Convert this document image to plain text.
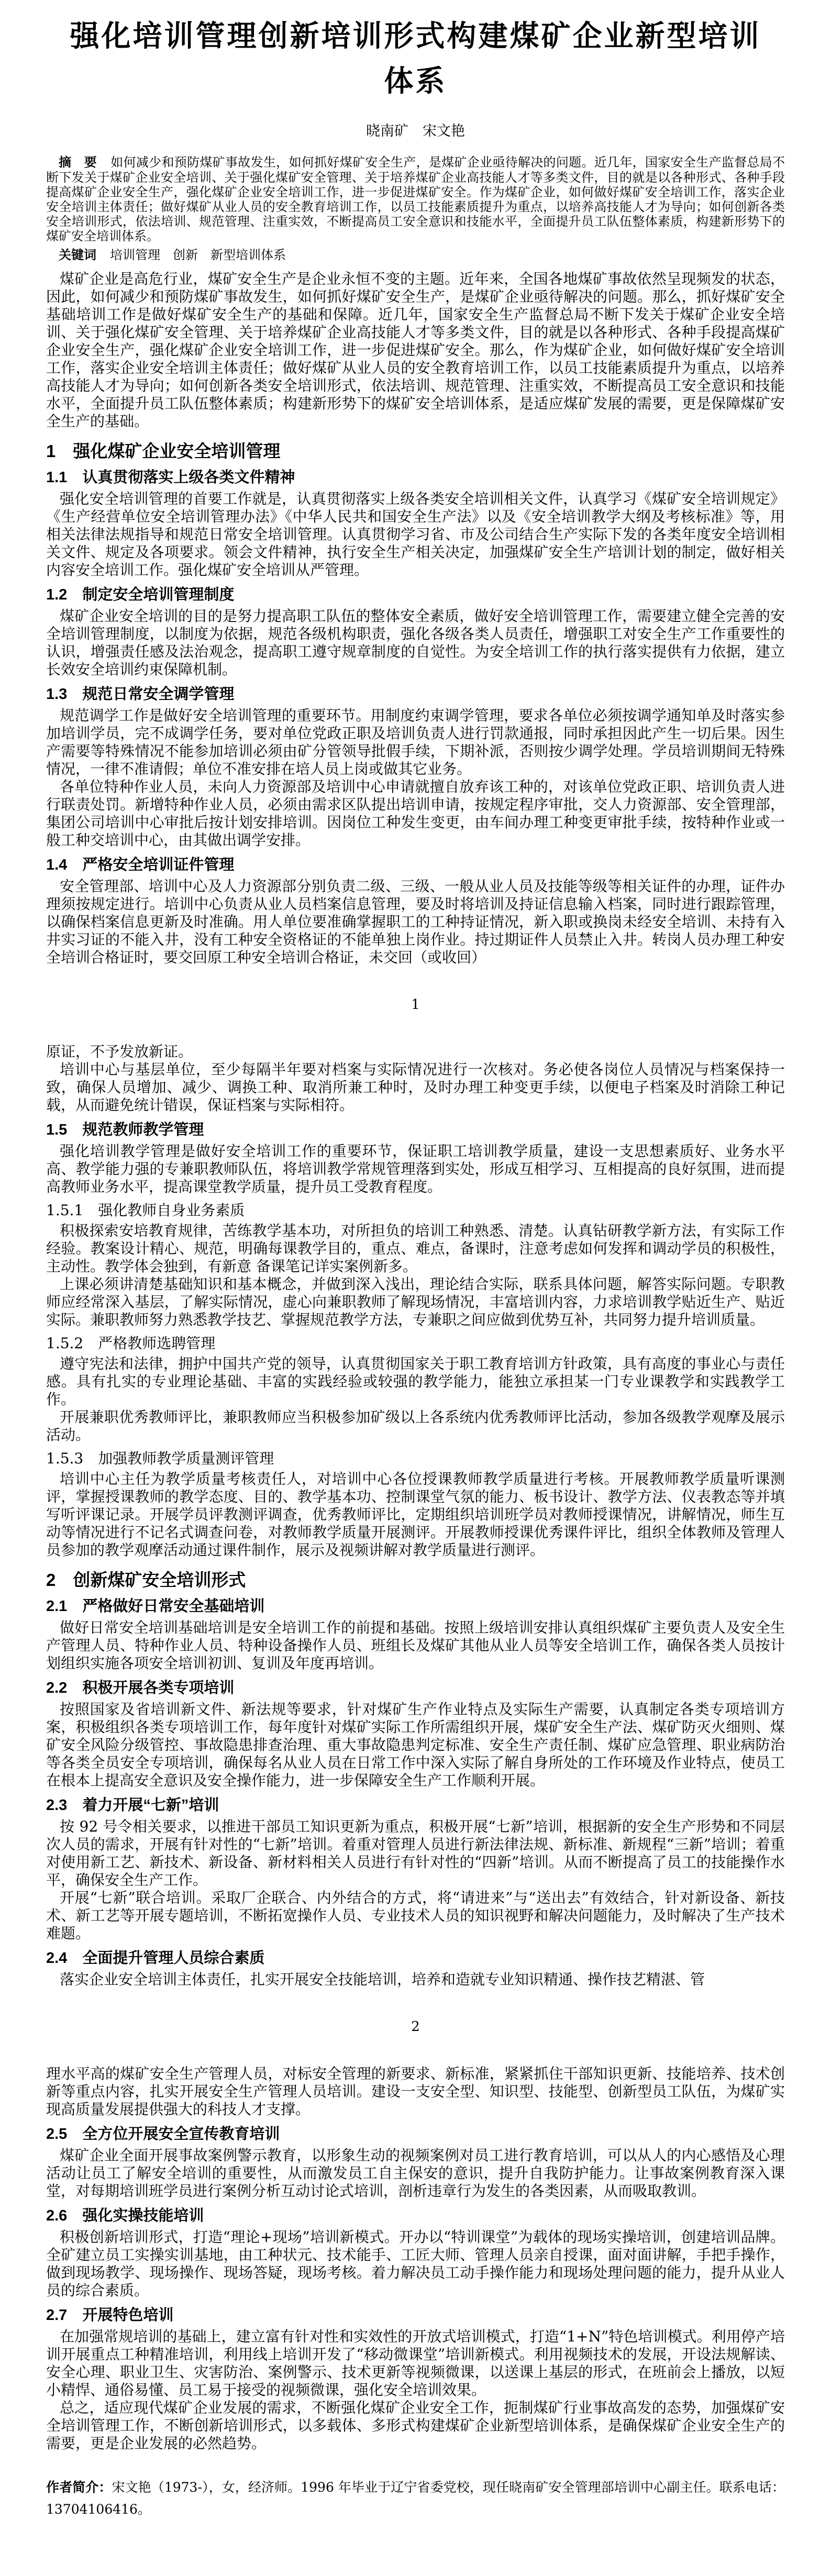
强化培训管理创新培训形式构建煤矿企业新型培训
体系
晓南矿　宋文艳

摘　要 如何减少和预防煤矿事故发生，如何抓好煤矿安全生产，是煤矿企业亟待解决的问题。近几年，国家安全生产监督总局不断下发关于煤矿企业安全培训、关于强化煤矿安全管理、关于培养煤矿企业高技能人才等多类文件，目的就是以各种形式、各种手段提高煤矿企业安全生产，强化煤矿企业安全培训工作，进一步促进煤矿安全。作为煤矿企业，如何做好煤矿安全培训工作，落实企业安全培训主体责任；做好煤矿从业人员的安全教育培训工作，以员工技能素质提升为重点，以培养高技能人才为导向；如何创新各类安全培训形式，依法培训、规范管理、注重实效，不断提高员工安全意识和技能水平，全面提升员工队伍整体素质，构建新形势下的煤矿安全培训体系。

关键词 培训管理　创新　新型培训体系

煤矿企业是高危行业，煤矿安全生产是企业永恒不变的主题。近年来，全国各地煤矿事故依然呈现频发的状态，因此，如何减少和预防煤矿事故发生，如何抓好煤矿安全生产，是煤矿企业亟待解决的问题。那么，抓好煤矿安全基础培训工作是做好煤矿安全生产的基础和保障。近几年，国家安全生产监督总局不断下发关于煤矿企业安全培训、关于强化煤矿安全管理、关于培养煤矿企业高技能人才等多类文件，目的就是以各种形式、各种手段提高煤矿企业安全生产，强化煤矿企业安全培训工作，进一步促进煤矿安全。那么，作为煤矿企业，如何做好煤矿安全培训工作，落实企业安全培训主体责任；做好煤矿从业人员的安全教育培训工作，以员工技能素质提升为重点，以培养高技能人才为导向；如何创新各类安全培训形式，依法培训、规范管理、注重实效，不断提高员工安全意识和技能水平，全面提升员工队伍整体素质；构建新形势下的煤矿安全培训体系，是适应煤矿发展的需要，更是保障煤矿安全生产的基础。

1　强化煤矿企业安全培训管理
1.1　认真贯彻落实上级各类文件精神

强化安全培训管理的首要工作就是，认真贯彻落实上级各类安全培训相关文件，认真学习《煤矿安全培训规定》《生产经营单位安全培训管理办法》《中华人民共和国安全生产法》以及《安全培训教学大纲及考核标准》等，用相关法律法规指导和规范日常安全培训管理。认真贯彻学习省、市及公司结合生产实际下发的各类年度安全培训相关文件、规定及各项要求。领会文件精神，执行安全生产相关决定，加强煤矿安全生产培训计划的制定，做好相关内容安全培训工作。强化煤矿安全培训从严管理。

1.2　制定安全培训管理制度

煤矿企业安全培训的目的是努力提高职工队伍的整体安全素质，做好安全培训管理工作，需要建立健全完善的安全培训管理制度，以制度为依据，规范各级机构职责，强化各级各类人员责任，增强职工对安全生产工作重要性的认识，增强责任感及法治观念，提高职工遵守规章制度的自觉性。为安全培训工作的执行落实提供有力依据，建立长效安全培训约束保障机制。

1.3　规范日常安全调学管理

规范调学工作是做好安全培训管理的重要环节。用制度约束调学管理，要求各单位必须按调学通知单及时落实参加培训学员，完不成调学任务，要对单位党政正职及培训负责人进行罚款通报，同时承担因此产生一切后果。因生产需要等特殊情况不能参加培训必须由矿分管领导批假手续，下期补派，否则按少调学处理。学员培训期间无特殊情况，一律不准请假；单位不准安排在培人员上岗或做其它业务。

各单位特种作业人员，未向人力资源部及培训中心申请就擅自放弃该工种的，对该单位党政正职、培训负责人进行联责处罚。新增特种作业人员，必须由需求区队提出培训申请，按规定程序审批，交人力资源部、安全管理部，集团公司培训中心审批后按计划安排培训。因岗位工种发生变更，由车间办理工种变更审批手续，按特种作业或一般工种交培训中心，由其做出调学安排。

1.4　严格安全培训证件管理

安全管理部、培训中心及人力资源部分别负责二级、三级、一般从业人员及技能等级等相关证件的办理，证件办理须按规定进行。培训中心负责从业人员档案信息管理，要及时将培训及持证信息输入档案，同时进行跟踪管理，以确保档案信息更新及时准确。用人单位要准确掌握职工的工种持证情况，新入职或换岗未经安全培训、未持有入井实习证的不能入井，没有工种安全资格证的不能单独上岗作业。持过期证件人员禁止入井。转岗人员办理工种安全培训合格证时，要交回原工种安全培训合格证，未交回（或收回）

1

原证，不予发放新证。

培训中心与基层单位，至少每隔半年要对档案与实际情况进行一次核对。务必使各岗位人员情况与档案保持一致，确保人员增加、减少、调换工种、取消所兼工种时，及时办理工种变更手续，以便电子档案及时消除工种记载，从而避免统计错误，保证档案与实际相符。

1.5　规范教师教学管理

强化培训教学管理是做好安全培训工作的重要环节，保证职工培训教学质量，建设一支思想素质好、业务水平高、教学能力强的专兼职教师队伍，将培训教学常规管理落到实处，形成互相学习、互相提高的良好氛围，进而提高教师业务水平，提高课堂教学质量，提升员工受教育程度。

1.5.1　强化教师自身业务素质

积极探索安培教育规律，苦练教学基本功，对所担负的培训工种熟悉、清楚。认真钻研教学新方法，有实际工作经验。教案设计精心、规范，明确每课教学目的，重点、难点，备课时，注意考虑如何发挥和调动学员的积极性，主动性。教学体会独到，有新意 备课笔记详实案例新多。

上课必须讲清楚基础知识和基本概念，并做到深入浅出，理论结合实际，联系具体问题，解答实际问题。专职教师应经常深入基层，了解实际情况，虚心向兼职教师了解现场情况，丰富培训内容，力求培训教学贴近生产、贴近实际。兼职教师努力熟悉教学技艺、掌握规范教学方法，专兼职之间应做到优势互补，共同努力提升培训质量。

1.5.2　严格教师选聘管理

遵守宪法和法律，拥护中国共产党的领导，认真贯彻国家关于职工教育培训方针政策，具有高度的事业心与责任感。具有扎实的专业理论基础、丰富的实践经验或较强的教学能力，能独立承担某一门专业课教学和实践教学工作。

开展兼职优秀教师评比，兼职教师应当积极参加矿级以上各系统内优秀教师评比活动，参加各级教学观摩及展示活动。

1.5.3　加强教师教学质量测评管理

培训中心主任为教学质量考核责任人，对培训中心各位授课教师教学质量进行考核。开展教师教学质量听课测评，掌握授课教师的教学态度、目的、教学基本功、控制课堂气氛的能力、板书设计、教学方法、仪表教态等并填写听评课记录。开展学员评教测评调查，优秀教师评比，定期组织培训班学员对教师授课情况，讲解情况，师生互动等情况进行不记名式调查问卷，对教师教学质量开展测评。开展教师授课优秀课件评比，组织全体教师及管理人员参加的教学观摩活动通过课件制作，展示及视频讲解对教学质量进行测评。

2　创新煤矿安全培训形式
2.1　严格做好日常安全基础培训

做好日常安全培训基础培训是安全培训工作的前提和基础。按照上级培训安排认真组织煤矿主要负责人及安全生产管理人员、特种作业人员、特种设备操作人员、班组长及煤矿其他从业人员等安全培训工作，确保各类人员按计划组织实施各项安全培训初训、复训及年度再培训。

2.2　积极开展各类专项培训

按照国家及省培训新文件、新法规等要求，针对煤矿生产作业特点及实际生产需要，认真制定各类专项培训方案，积极组织各类专项培训工作，每年度针对煤矿实际工作所需组织开展，煤矿安全生产法、煤矿防灭火细则、煤矿安全风险分级管控、事故隐患排查治理、重大事故隐患判定标准、安全生产责任制、煤矿应急管理、职业病防治等各类全员安全专项培训，确保每名从业人员在日常工作中深入实际了解自身所处的工作环境及作业特点，使员工在根本上提高安全意识及安全操作能力，进一步保障安全生产工作顺利开展。

2.3　着力开展“七新”培训

按 92 号令相关要求，以推进干部员工知识更新为重点，积极开展“七新”培训，根据新的安全生产形势和不同层次人员的需求，开展有针对性的“七新”培训。着重对管理人员进行新法律法规、新标准、新规程“三新”培训；着重对使用新工艺、新技术、新设备、新材料相关人员进行有针对性的“四新”培训。从而不断提高了员工的技能操作水平，确保安全生产工作。

开展“七新”联合培训。采取厂企联合、内外结合的方式，将“请进来”与“送出去”有效结合，针对新设备、新技术、新工艺等开展专题培训，不断拓宽操作人员、专业技术人员的知识视野和解决问题能力，及时解决了生产技术难题。

2.4　全面提升管理人员综合素质

落实企业安全培训主体责任，扎实开展安全技能培训，培养和造就专业知识精通、操作技艺精湛、管

2

理水平高的煤矿安全生产管理人员，对标安全管理的新要求、新标准，紧紧抓住干部知识更新、技能培养、技术创新等重点内容，扎实开展安全生产管理人员培训。建设一支安全型、知识型、技能型、创新型员工队伍，为煤矿实现高质量发展提供强大的科技人才支撑。

2.5　全方位开展安全宣传教育培训

煤矿企业全面开展事故案例警示教育，以形象生动的视频案例对员工进行教育培训，可以从人的内心感悟及心理活动让员工了解安全培训的重要性，从而激发员工自主保安的意识，提升自我防护能力。让事故案例教育深入课堂，对每期培训班学员进行案例分析互动讨论式培训，剖析违章行为发生的各类因素，从而吸取教训。

2.6　强化实操技能培训

积极创新培训形式，打造“理论+现场”培训新模式。开办以“特训课堂”为载体的现场实操培训，创建培训品牌。全矿建立员工实操实训基地，由工种状元、技术能手、工匠大师、管理人员亲自授课，面对面讲解，手把手操作，做到现场教学、现场操作、现场答疑，现场考核。着力解决员工动手操作能力和现场处理问题的能力，提升从业人员的综合素质。

2.7　开展特色培训

在加强常规培训的基础上，建立富有针对性和实效性的开放式培训模式，打造“1+N”特色培训模式。利用停产培训开展重点工种精准培训，利用线上培训开发了“移动微课堂”培训新模式。利用视频技术的发展，开设法规解读、安全心理、职业卫生、灾害防治、案例警示、技术更新等视频微课，以送课上基层的形式，在班前会上播放，以短小精悍、通俗易懂、员工易于接受的视频微课，强化安全培训效果。

总之，适应现代煤矿企业发展的需求，不断强化煤矿企业安全工作，扼制煤矿行业事故高发的态势，加强煤矿安全培训管理工作，不断创新培训形式，以多载体、多形式构建煤矿企业新型培训体系，是确保煤矿企业安全生产的需要，更是企业发展的必然趋势。

作者简介：宋文艳（1973-），女，经济师。1996 年毕业于辽宁省委党校，现任晓南矿安全管理部培训中心副主任。联系电话：13704106416。
